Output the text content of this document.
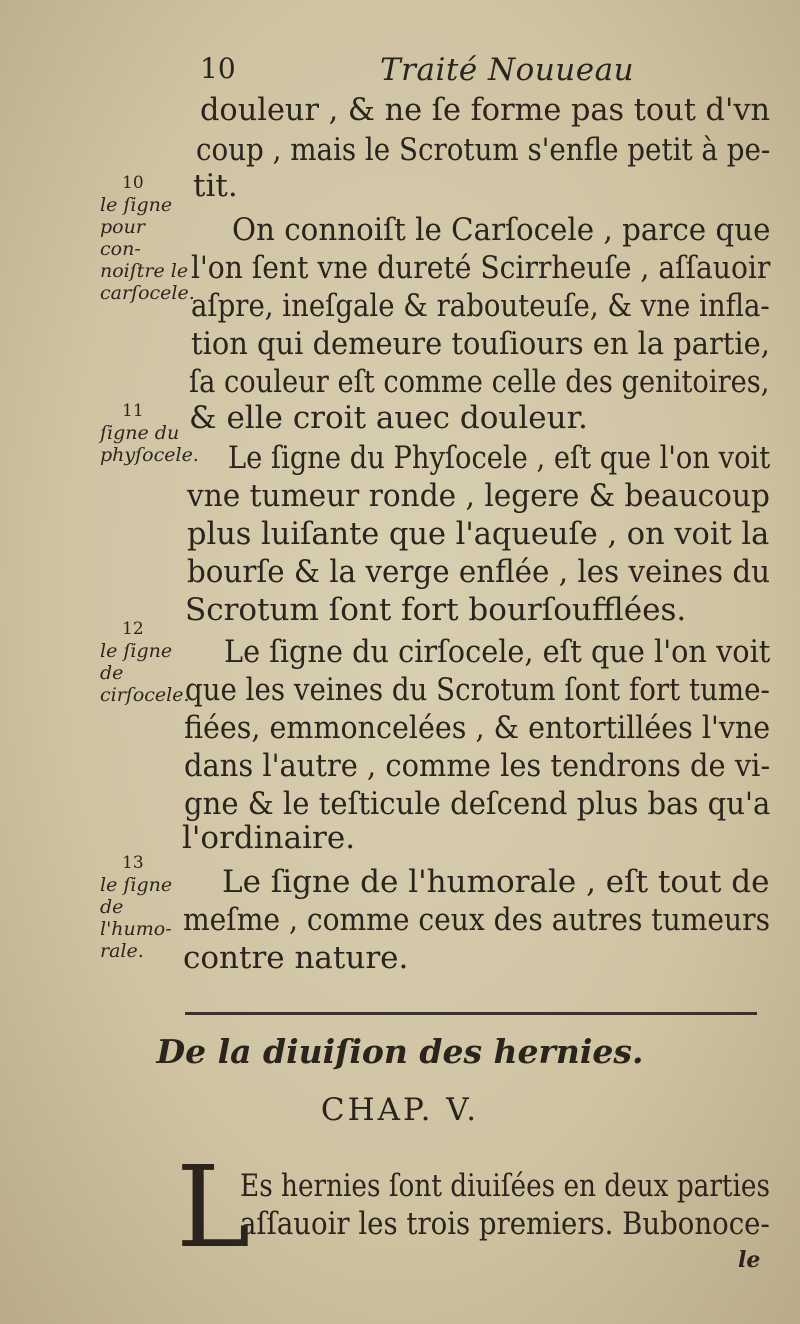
10	Traité Nouueau

douleur , & ne ſe forme pas tout d'vn

coup , mais le Scrotum s'enfle petit à pe-

tit.

On connoiſt le Carſocele , parce que

l'on ſent vne dureté Scirrheuſe , aſſauoir

aſpre, ineſgale & rabouteuſe, & vne infla-

tion qui demeure touſiours en la partie,

ſa couleur eſt comme celle des genitoires,

& elle croit auec douleur.

Le ſigne du Phyſocele , eſt que l'on voit

vne tumeur ronde , legere & beaucoup

plus luiſante que l'aqueuſe , on voit la

bourſe & la verge enflée , les veines du

Scrotum ſont fort bourſoufflées.

Le ſigne du cirſocele, eſt que l'on voit

que les veines du Scrotum ſont fort tume-

fiées, emmoncelées , & entortillées l'vne

dans l'autre , comme les tendrons de vi-

gne & le teſticule deſcend plus bas qu'a

l'ordinaire.

Le ſigne de l'humorale , eſt tout de

meſme , comme ceux des autres tumeurs

contre nature.

10
le ſigne pour con- noiſtre le carſocele.
11
ſigne du phyſocele.
12
le ſigne de cirſocele.
13
le ſigne de l'humo- rale.
De la diuiſion des hernies.
CHAP. V.
L

Es hernies ſont diuiſées en deux parties

aſſauoir les trois premiers. Bubonoce-

le
